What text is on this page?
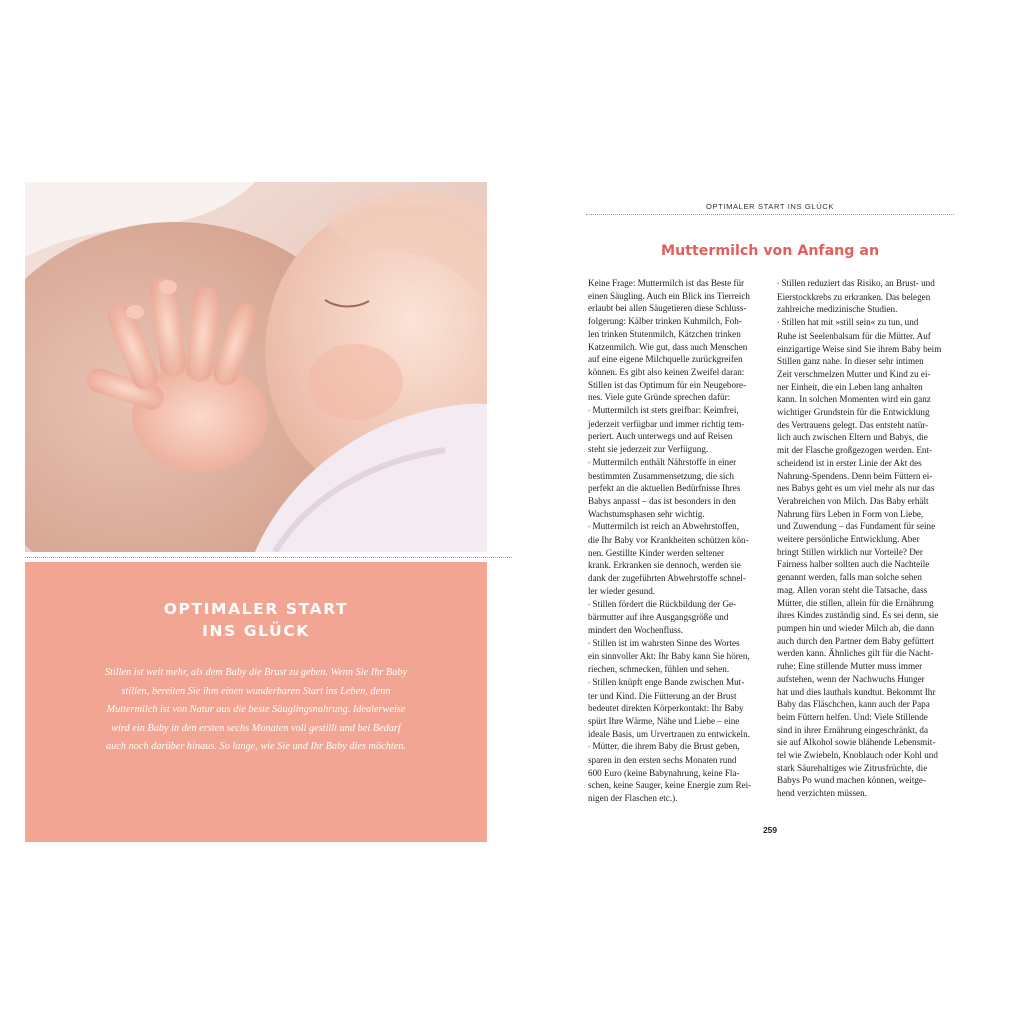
OPTIMALER START
INS GLÜCK
Stillen ist weit mehr, als dem Baby die Brust zu geben. Wenn Sie Ihr Baby
stillen, bereiten Sie ihm einen wunderbaren Start ins Leben, denn
Muttermilch ist von Natur aus die beste Säuglingsnahrung. Idealerweise
wird ein Baby in den ersten sechs Monaten voll gestillt und bei Bedarf
auch noch darüber hinaus. So lange, wie Sie und Ihr Baby dies möchten.
OPTIMALER START INS GLÜCK
Muttermilch von Anfang an
Keine Frage: Muttermilch ist das Beste für
einen Säugling. Auch ein Blick ins Tierreich
erlaubt bei allen Säugetieren diese Schluss-
folgerung: Kälber trinken Kuhmilch, Foh-
len trinken Stutenmilch, Kätzchen trinken
Katzenmilch. Wie gut, dass auch Menschen
auf eine eigene Milchquelle zurückgreifen
können. Es gibt also keinen Zweifel daran:
Stillen ist das Optimum für ein Neugebore-
nes. Viele gute Gründe sprechen dafür:
• Muttermilch ist stets greifbar: Keimfrei,
jederzeit verfügbar und immer richtig tem-
periert. Auch unterwegs und auf Reisen
steht sie jederzeit zur Verfügung.
• Muttermilch enthält Nährstoffe in einer
bestimmten Zusammensetzung, die sich
perfekt an die aktuellen Bedürfnisse Ihres
Babys anpasst – das ist besonders in den
Wachstumsphasen sehr wichtig.
• Muttermilch ist reich an Abwehrstoffen,
die Ihr Baby vor Krankheiten schützen kön-
nen. Gestillte Kinder werden seltener
krank. Erkranken sie dennoch, werden sie
dank der zugeführten Abwehrstoffe schnel-
ler wieder gesund.
• Stillen fördert die Rückbildung der Ge-
bärmutter auf ihre Ausgangsgröße und
mindert den Wochenfluss.
• Stillen ist im wahrsten Sinne des Wortes
ein sinnvoller Akt: Ihr Baby kann Sie hören,
riechen, schmecken, fühlen und sehen.
• Stillen knüpft enge Bande zwischen Mut-
ter und Kind. Die Fütterung an der Brust
bedeutet direkten Körperkontakt: Ihr Baby
spürt Ihre Wärme, Nähe und Liebe – eine
ideale Basis, um Urvertrauen zu entwickeln.
• Mütter, die ihrem Baby die Brust geben,
sparen in den ersten sechs Monaten rund
600 Euro (keine Babynahrung, keine Fla-
schen, keine Sauger, keine Energie zum Rei-
nigen der Flaschen etc.).
• Stillen reduziert das Risiko, an Brust- und
Eierstockkrebs zu erkranken. Das belegen
zahlreiche medizinische Studien.
• Stillen hat mit »still sein« zu tun, und
Ruhe ist Seelenbalsam für die Mütter. Auf
einzigartige Weise sind Sie ihrem Baby beim
Stillen ganz nahe. In dieser sehr intimen
Zeit verschmelzen Mutter und Kind zu ei-
ner Einheit, die ein Leben lang anhalten
kann. In solchen Momenten wird ein ganz
wichtiger Grundstein für die Entwicklung
des Vertrauens gelegt. Das entsteht natür-
lich auch zwischen Eltern und Babys, die
mit der Flasche großgezogen werden. Ent-
scheidend ist in erster Linie der Akt des
Nahrung-Spendens. Denn beim Füttern ei-
nes Babys geht es um viel mehr als nur das
Verabreichen von Milch. Das Baby erhält
Nahrung fürs Leben in Form von Liebe,
und Zuwendung – das Fundament für seine
weitere persönliche Entwicklung. Aber
bringt Stillen wirklich nur Vorteile? Der
Fairness halber sollten auch die Nachteile
genannt werden, falls man solche sehen
mag. Allen voran steht die Tatsache, dass
Mütter, die stillen, allein für die Ernährung
ihres Kindes zuständig sind. Es sei denn, sie
pumpen hin und wieder Milch ab, die dann
auch durch den Partner dem Baby gefüttert
werden kann. Ähnliches gilt für die Nacht-
ruhe: Eine stillende Mutter muss immer
aufstehen, wenn der Nachwuchs Hunger
hat und dies lauthals kundtut. Bekommt Ihr
Baby das Fläschchen, kann auch der Papa
beim Füttern helfen. Und: Viele Stillende
sind in ihrer Ernährung eingeschränkt, da
sie auf Alkohol sowie blähende Lebensmit-
tel wie Zwiebeln, Knoblauch oder Kohl und
stark Säurehaltiges wie Zitrusfrüchte, die
Babys Po wund machen können, weitge-
hend verzichten müssen.
259
